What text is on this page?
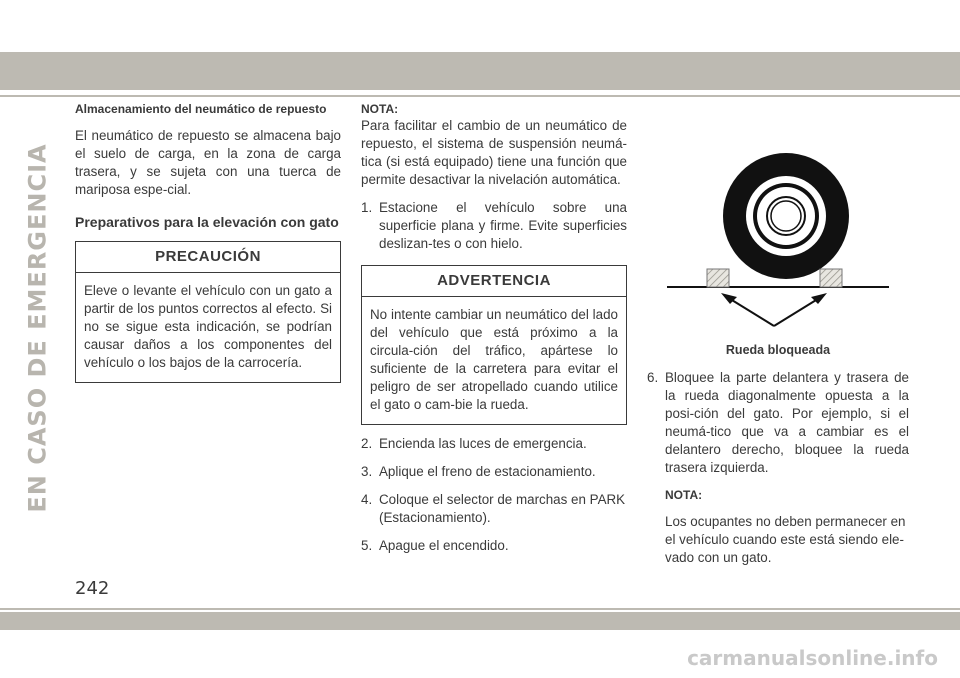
EN CASO DE EMERGENCIA

Almacenamiento del neumático de repuesto

El neumático de repuesto se almacena bajo el suelo de carga, en la zona de carga trasera, y se sujeta con una tuerca de mariposa espe-cial.

Preparativos para la elevación con gato

PRECAUCIÓN
Eleve o levante el vehículo con un gato a partir de los puntos correctos al efecto. Si no se sigue esta indicación, se podrían causar daños a los componentes del vehículo o los bajos de la carrocería.

NOTA:

Para facilitar el cambio de un neumático de repuesto, el sistema de suspensión neumá-tica (si está equipado) tiene una función que permite desactivar la nivelación automática.

1. Estacione el vehículo sobre una superficie plana y firme. Evite superficies deslizan-tes o con hielo.
ADVERTENCIA
No intente cambiar un neumático del lado del vehículo que está próximo a la circula-ción del tráfico, apártese lo suficiente de la carretera para evitar el peligro de ser atropellado cuando utilice el gato o cam-bie la rueda.
2. Encienda las luces de emergencia.
3. Aplique el freno de estacionamiento.
4. Coloque el selector de marchas en PARK (Estacionamiento).
5. Apague el encendido.

Rueda bloqueada

6. Bloquee la parte delantera y trasera de la rueda diagonalmente opuesta a la posi-ción del gato. Por ejemplo, si el neumá-tico que va a cambiar es el delantero derecho, bloquee la rueda trasera izquierda.

NOTA:

Los ocupantes no deben permanecer en el vehículo cuando este está siendo ele-vado con un gato.

242
carmanualsonline.info
